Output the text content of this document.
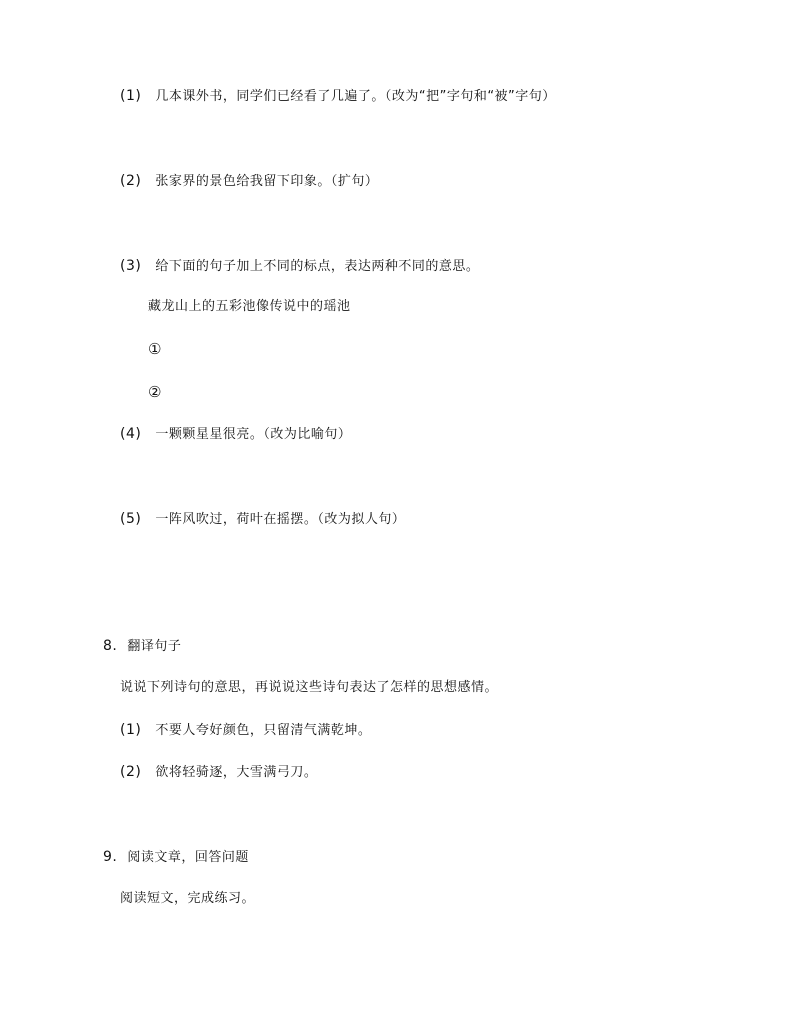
(1) 几本课外书，同学们已经看了几遍了。（改为“把”字句和“被”字句）
(2) 张家界的景色给我留下印象。（扩句）
(3) 给下面的句子加上不同的标点，表达两种不同的意思。
藏龙山上的五彩池像传说中的瑶池
①
②
(4) 一颗颗星星很亮。（改为比喻句）
(5) 一阵风吹过，荷叶在摇摆。（改为拟人句）
8. 翻译句子
说说下列诗句的意思，再说说这些诗句表达了怎样的思想感情。
(1) 不要人夸好颜色，只留清气满乾坤。
(2) 欲将轻骑逐，大雪满弓刀。
9. 阅读文章，回答问题
阅读短文，完成练习。
